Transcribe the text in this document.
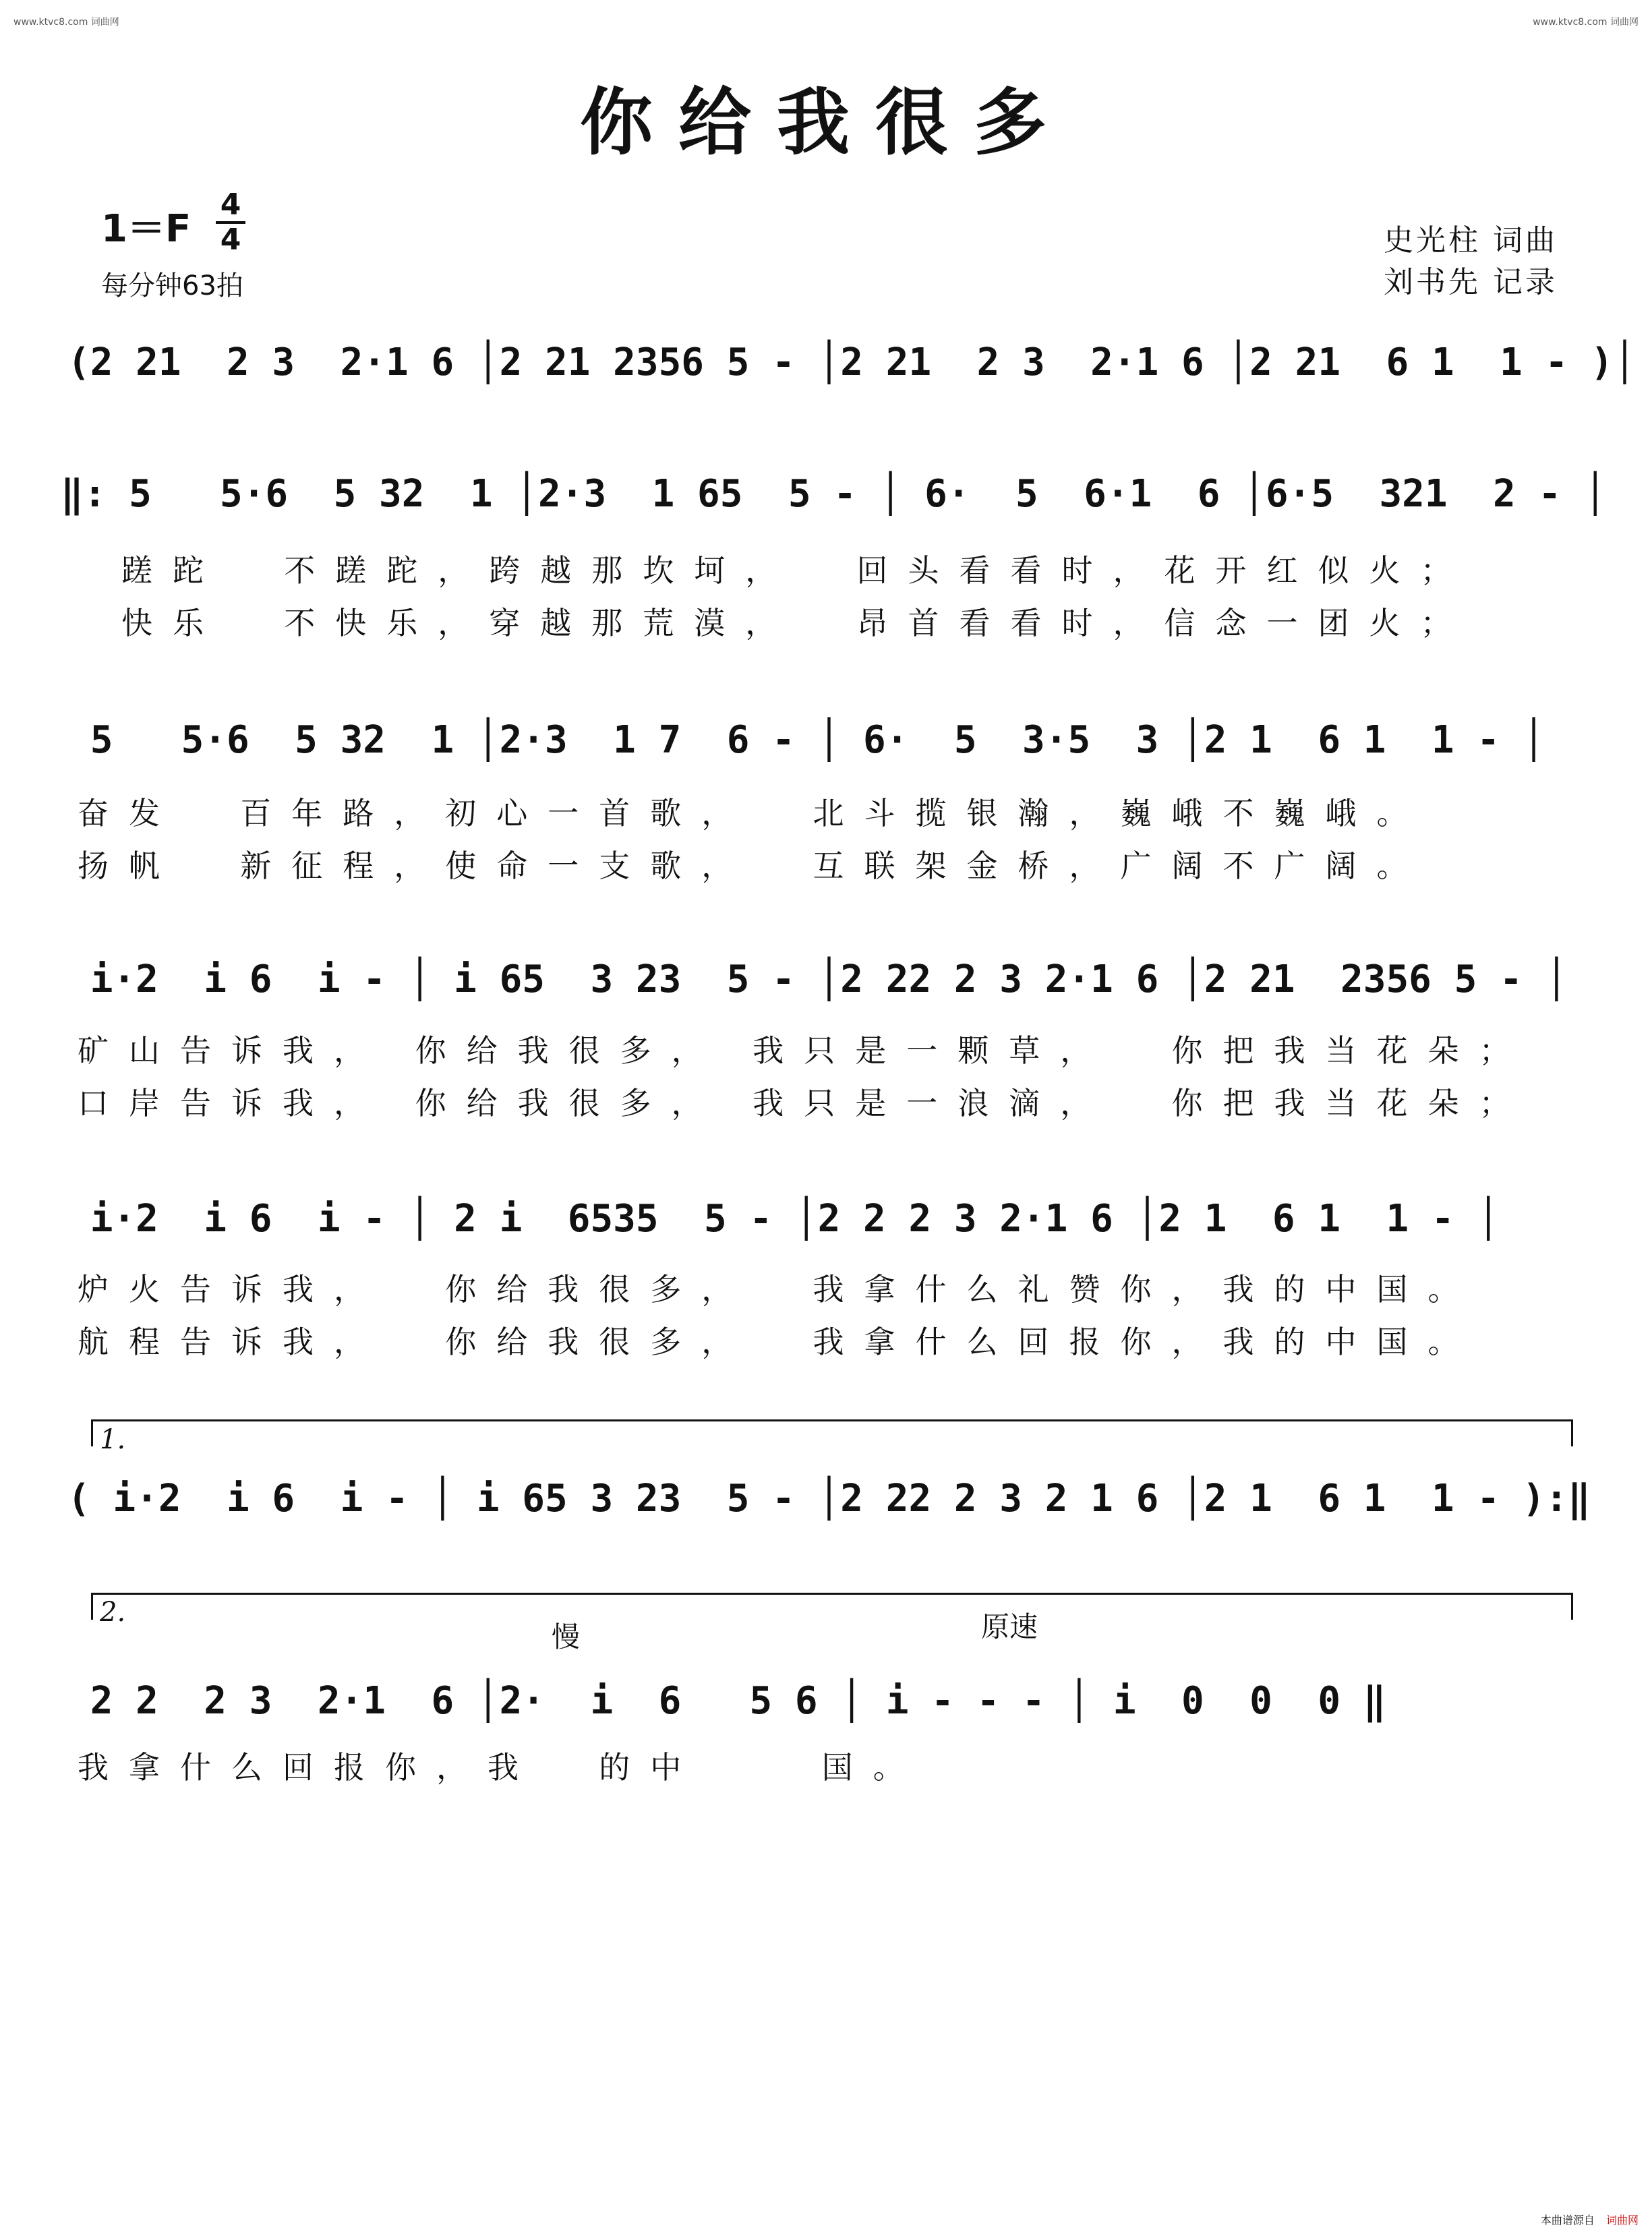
www.ktvc8.com 词曲网	www.ktvc8.com 词曲网
你给我很多
1＝F
4
4
每分钟63拍
史光柱 词曲
刘书先 记录
(2 21  2 3  2·1 6 │2 21 2356 5 - │2 21  2 3  2·1 6 │2 21  6 1  1 - )│
‖: 5   5·6  5 32  1 │2·3  1 65  5 - │ 6·  5  6·1  6 │6·5  321  2 - │
蹉跎  不蹉跎，跨越那坎坷，  回头看看时，花开红似火；
快乐  不快乐，穿越那荒漠，  昂首看看时，信念一团火；
5   5·6  5 32  1 │2·3  1 7  6 - │ 6·  5  3·5  3 │2 1  6 1  1 - │
奋发  百年路，初心一首歌，  北斗揽银瀚，巍峨不巍峨。
扬帆  新征程，使命一支歌，  互联架金桥，广阔不广阔。
i·2  i 6  i - │ i 65  3 23  5 - │2 22 2 3 2·1 6 │2 21  2356 5 - │
矿山告诉我， 你给我很多， 我只是一颗草，  你把我当花朵；
口岸告诉我， 你给我很多， 我只是一浪滴，  你把我当花朵；
i·2  i 6  i - │ 2 i  6535  5 - │2 2 2 3 2·1 6 │2 1  6 1  1 - │
炉火告诉我，  你给我很多，  我拿什么礼赞你，我的中国。
航程告诉我，  你给我很多，  我拿什么回报你，我的中国。
1.
( i·2  i 6  i - │ i 65 3 23  5 - │2 22 2 3 2 1 6 │2 1  6 1  1 - ):‖
2.
慢	原速
2 2  2 3  2·1  6 │2·  i  6   5 6 │ i - - - │ i  0  0  0 ‖
我拿什么回报你，我  的中    国。
本曲谱源自 词曲网
